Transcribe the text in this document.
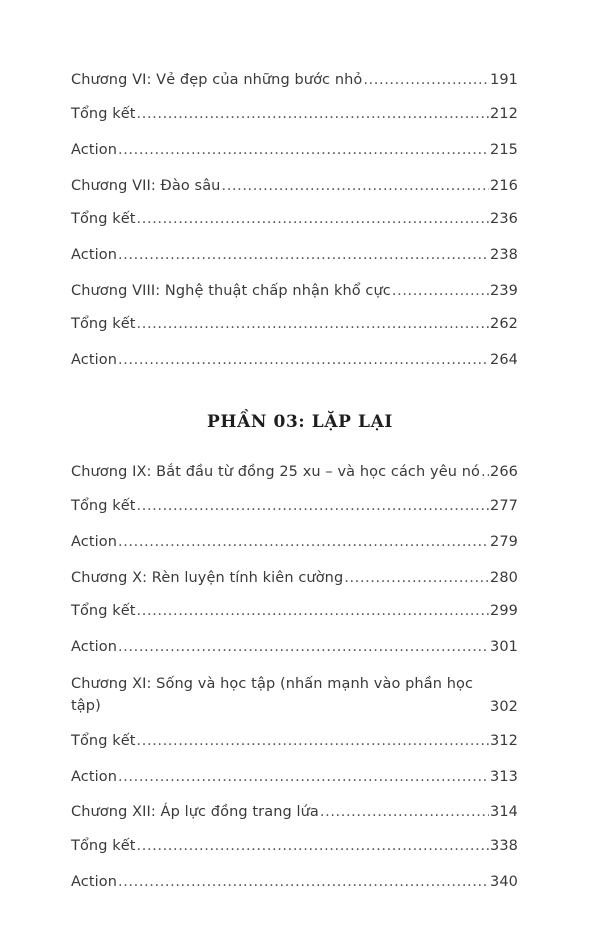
Chương VI: Vẻ đẹp của những bước nhỏ .....	191
Tổng kết .....	212
Action .....	215
Chương VII: Đào sâu .....	216
Tổng kết .....	236
Action .....	238
Chương VIII: Nghệ thuật chấp nhận khổ cực .....	239
Tổng kết .....	262
Action .....	264
PHẦN 03: LẶP LẠI
Chương IX: Bắt đầu từ đồng 25 xu – và học cách yêu nó ..... 266
Tổng kết .....	277
Action .....	279
Chương X: Rèn luyện tính kiên cường .....	280
Tổng kết .....	299
Action .....	301
Chương XI: Sống và học tập (nhấn mạnh vào phần học tập)	302
Tổng kết .....	312
Action .....	313
Chương XII: Áp lực đồng trang lứa .....	314
Tổng kết .....	338
Action .....	340
